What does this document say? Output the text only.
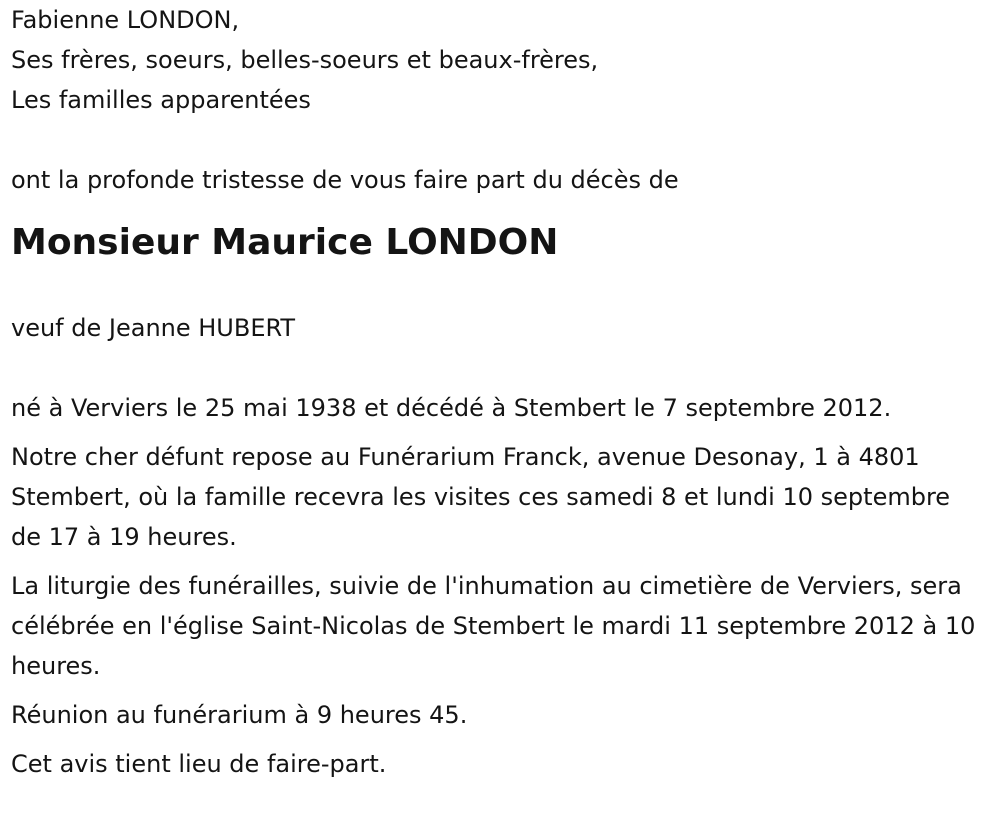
Fabienne LONDON,
Ses frères, soeurs, belles-soeurs et beaux-frères,
Les familles apparentées
ont la profonde tristesse de vous faire part du décès de
Monsieur Maurice LONDON
veuf de Jeanne HUBERT

né à Verviers le 25 mai 1938 et décédé à Stembert le 7 septembre 2012.

Notre cher défunt repose au Funérarium Franck, avenue Desonay, 1 à 4801 Stembert, où la famille recevra les visites ces samedi 8 et lundi 10 septembre de 17 à 19 heures.

La liturgie des funérailles, suivie de l'inhumation au cimetière de Verviers, sera célébrée en l'église Saint-Nicolas de Stembert le mardi 11 septembre 2012 à 10 heures.

Réunion au funérarium à 9 heures 45.

Cet avis tient lieu de faire-part.
